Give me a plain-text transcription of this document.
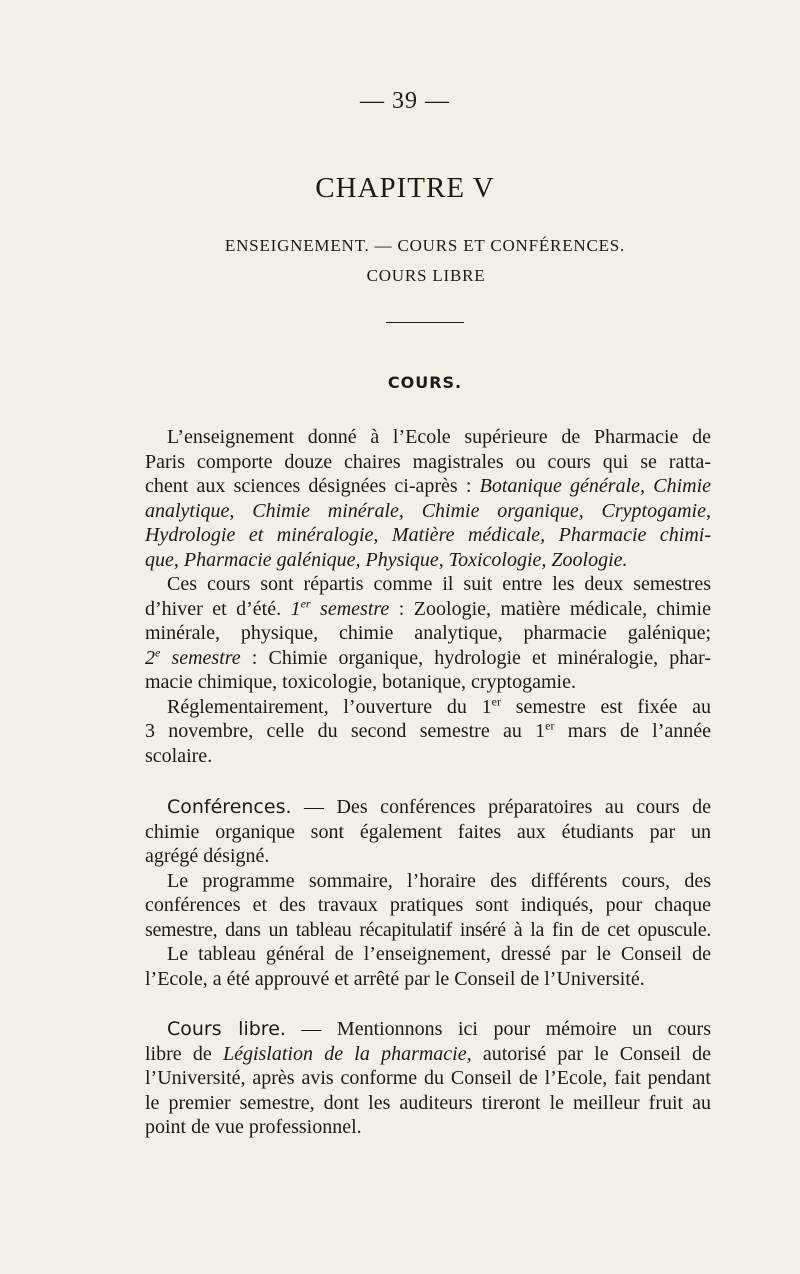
— 39 —
CHAPITRE V
ENSEIGNEMENT. — COURS ET CONFÉRENCES.
COURS LIBRE
COURS.
L’enseignement donné à l’Ecole supérieure de Pharmacie de
Paris comporte douze chaires magistrales ou cours qui se ratta-
chent aux sciences désignées ci-après : Botanique générale, Chimie
analytique, Chimie minérale, Chimie organique, Cryptogamie,
Hydrologie et minéralogie, Matière médicale, Pharmacie chimi-
que, Pharmacie galénique, Physique, Toxicologie, Zoologie.
Ces cours sont répartis comme il suit entre les deux semestres
d’hiver et d’été. 1er semestre : Zoologie, matière médicale, chimie
minérale, physique, chimie analytique, pharmacie galénique;
2e semestre : Chimie organique, hydrologie et minéralogie, phar-
macie chimique, toxicologie, botanique, cryptogamie.
Réglementairement, l’ouverture du 1er semestre est fixée au
3 novembre, celle du second semestre au 1er mars de l’année
scolaire.
Conférences. — Des conférences préparatoires au cours de
chimie organique sont également faites aux étudiants par un
agrégé désigné.
Le programme sommaire, l’horaire des différents cours, des
conférences et des travaux pratiques sont indiqués, pour chaque
semestre, dans un tableau récapitulatif inséré à la fin de cet opuscule.
Le tableau général de l’enseignement, dressé par le Conseil de
l’Ecole, a été approuvé et arrêté par le Conseil de l’Université.
Cours libre. — Mentionnons ici pour mémoire un cours
libre de Législation de la pharmacie, autorisé par le Conseil de
l’Université, après avis conforme du Conseil de l’Ecole, fait pendant
le premier semestre, dont les auditeurs tireront le meilleur fruit au
point de vue professionnel.
